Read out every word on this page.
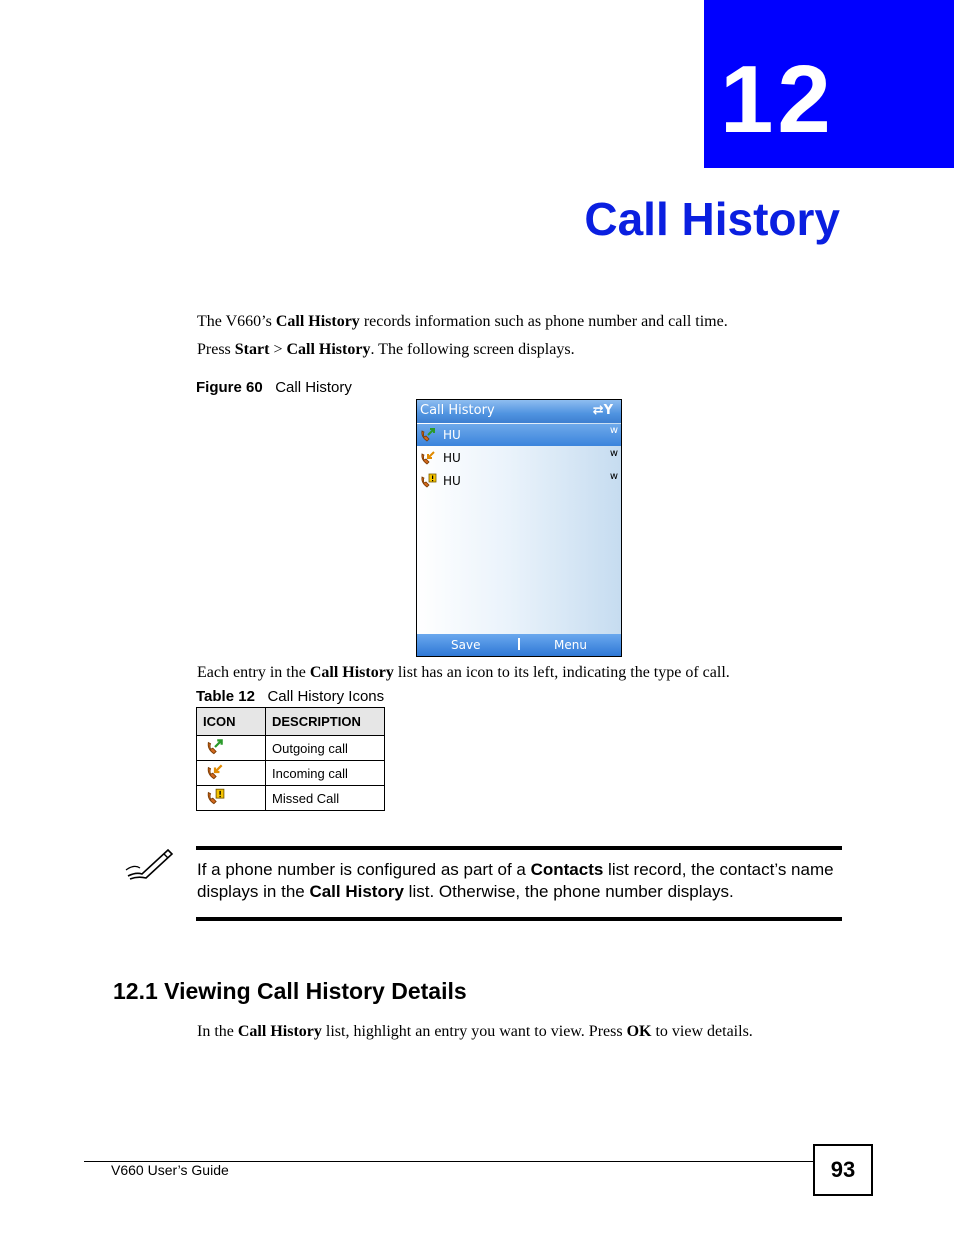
12
Call History
The V660’s Call History records information such as phone number and call time.
Press Start > Call History. The following screen displays.
Figure 60 Call History
Call History	⇄Y
HU	w
HU	w
HU	w
Save	Menu
Each entry in the Call History list has an icon to its left, indicating the type of call.
Table 12 Call History Icons
ICON	DESCRIPTION
	Outgoing call
	Incoming call
	Missed Call
If a phone number is configured as part of a Contacts list record, the contact’s name displays in the Call History list. Otherwise, the phone number displays.
12.1 Viewing Call History Details
In the Call History list, highlight an entry you want to view. Press OK to view details.
V660 User’s Guide	93
